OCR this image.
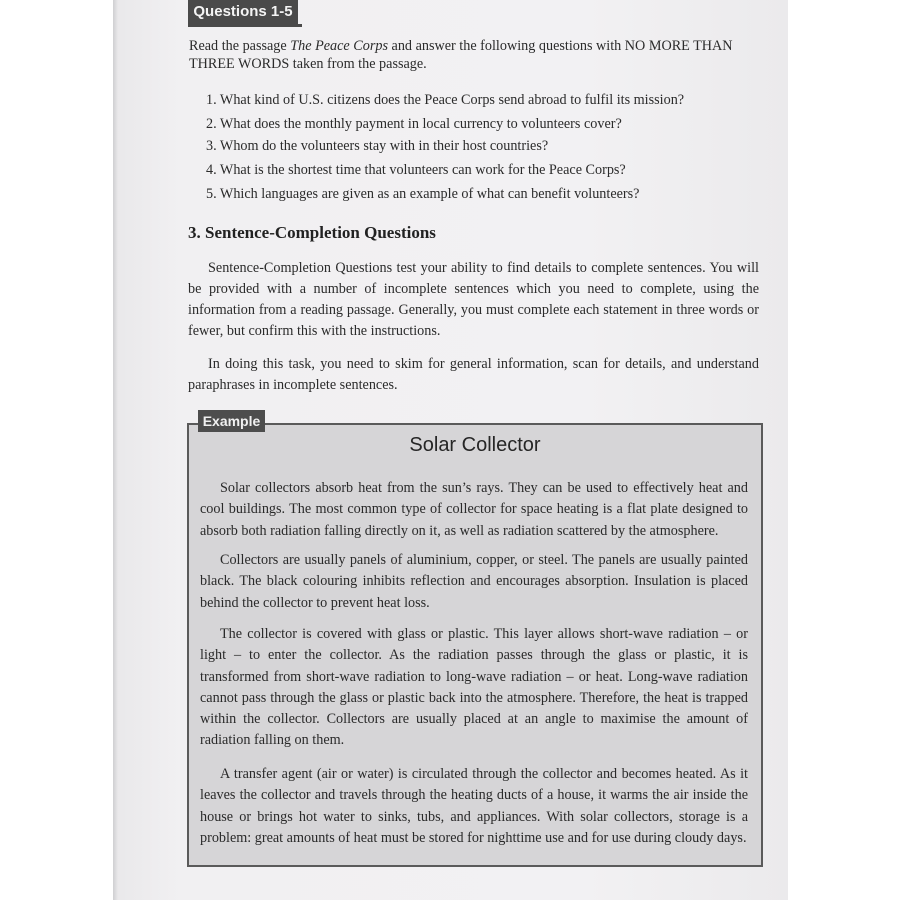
Questions 1-5
Read the passage The Peace Corps and answer the following questions with NO MORE THAN THREE WORDS taken from the passage.
1. What kind of U.S. citizens does the Peace Corps send abroad to fulfil its mission?
2. What does the monthly payment in local currency to volunteers cover?
3. Whom do the volunteers stay with in their host countries?
4. What is the shortest time that volunteers can work for the Peace Corps?
5. Which languages are given as an example of what can benefit volunteers?
3. Sentence-Completion Questions
Sentence-Completion Questions test your ability to find details to complete sentences. You will be provided with a number of incomplete sentences which you need to complete, using the information from a reading passage. Generally, you must complete each statement in three words or fewer, but confirm this with the instructions.
In doing this task, you need to skim for general information, scan for details, and understand paraphrases in incomplete sentences.
Example
Solar Collector
Solar collectors absorb heat from the sun’s rays. They can be used to effectively heat and cool buildings. The most common type of collector for space heating is a flat plate designed to absorb both radiation falling directly on it, as well as radiation scattered by the atmosphere.
Collectors are usually panels of aluminium, copper, or steel. The panels are usually painted black. The black colouring inhibits reflection and encourages absorption. Insulation is placed behind the collector to prevent heat loss.
The collector is covered with glass or plastic. This layer allows short-wave radiation – or light – to enter the collector. As the radiation passes through the glass or plastic, it is transformed from short-wave radiation to long-wave radiation – or heat. Long-wave radiation cannot pass through the glass or plastic back into the atmosphere. Therefore, the heat is trapped within the collector. Collectors are usually placed at an angle to maximise the amount of radiation falling on them.
A transfer agent (air or water) is circulated through the collector and becomes heated. As it leaves the collector and travels through the heating ducts of a house, it warms the air inside the house or brings hot water to sinks, tubs, and appliances. With solar collectors, storage is a problem: great amounts of heat must be stored for nighttime use and for use during cloudy days.
